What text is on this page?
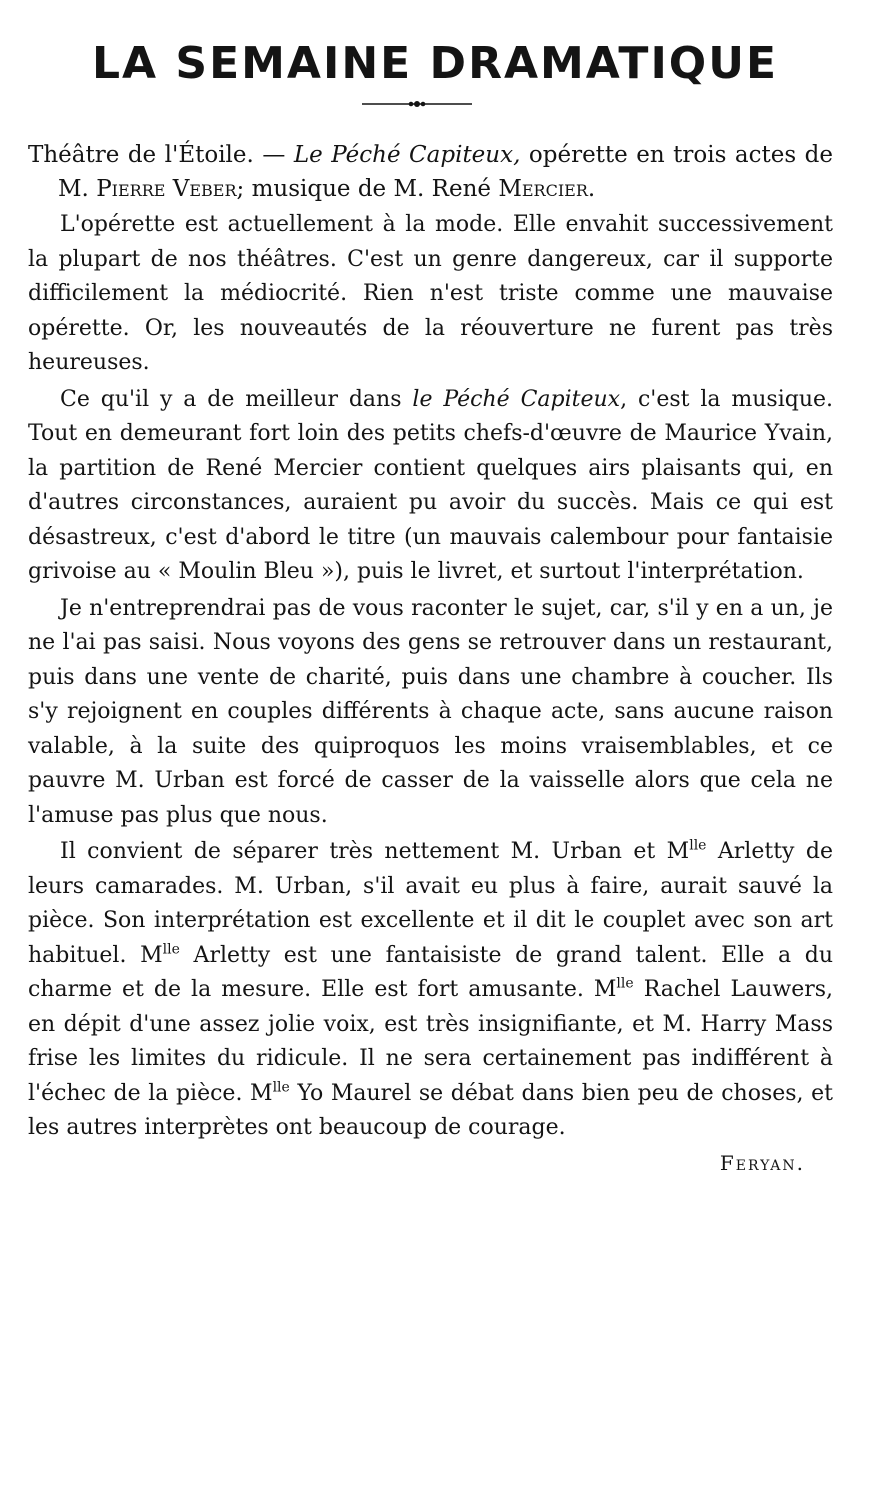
LA SEMAINE DRAMATIQUE

Théâtre de l'Étoile. — Le Péché Capiteux, opérette en trois actes de M. Pierre Veber; musique de M. René Mercier.

L'opérette est actuellement à la mode. Elle envahit successivement la plupart de nos théâtres. C'est un genre dangereux, car il supporte difficilement la médiocrité. Rien n'est triste comme une mauvaise opérette. Or, les nouveautés de la réouverture ne furent pas très heureuses.

Ce qu'il y a de meilleur dans le Péché Capiteux, c'est la musique. Tout en demeurant fort loin des petits chefs-d'œuvre de Maurice Yvain, la partition de René Mercier contient quelques airs plaisants qui, en d'autres circonstances, auraient pu avoir du succès. Mais ce qui est désastreux, c'est d'abord le titre (un mauvais calembour pour fantaisie grivoise au « Moulin Bleu »), puis le livret, et surtout l'interprétation.

Je n'entreprendrai pas de vous raconter le sujet, car, s'il y en a un, je ne l'ai pas saisi. Nous voyons des gens se retrouver dans un restaurant, puis dans une vente de charité, puis dans une chambre à coucher. Ils s'y rejoignent en couples différents à chaque acte, sans aucune raison valable, à la suite des quiproquos les moins vraisemblables, et ce pauvre M. Urban est forcé de casser de la vaisselle alors que cela ne l'amuse pas plus que nous.

Il convient de séparer très nettement M. Urban et $M^{lle}$ Arletty de leurs camarades. M. Urban, s'il avait eu plus à faire, aurait sauvé la pièce. Son interprétation est excellente et il dit le couplet avec son art habituel. $M^{lle}$ Arletty est une fantaisiste de grand talent. Elle a du charme et de la mesure. Elle est fort amusante. $M^{lle}$ Rachel Lauwers, en dépit d'une assez jolie voix, est très insignifiante, et M. Harry Mass frise les limites du ridicule. Il ne sera certainement pas indifférent à l'échec de la pièce. $M^{lle}$ Yo Maurel se débat dans bien peu de choses, et les autres interprètes ont beaucoup de courage.

Feryan.
